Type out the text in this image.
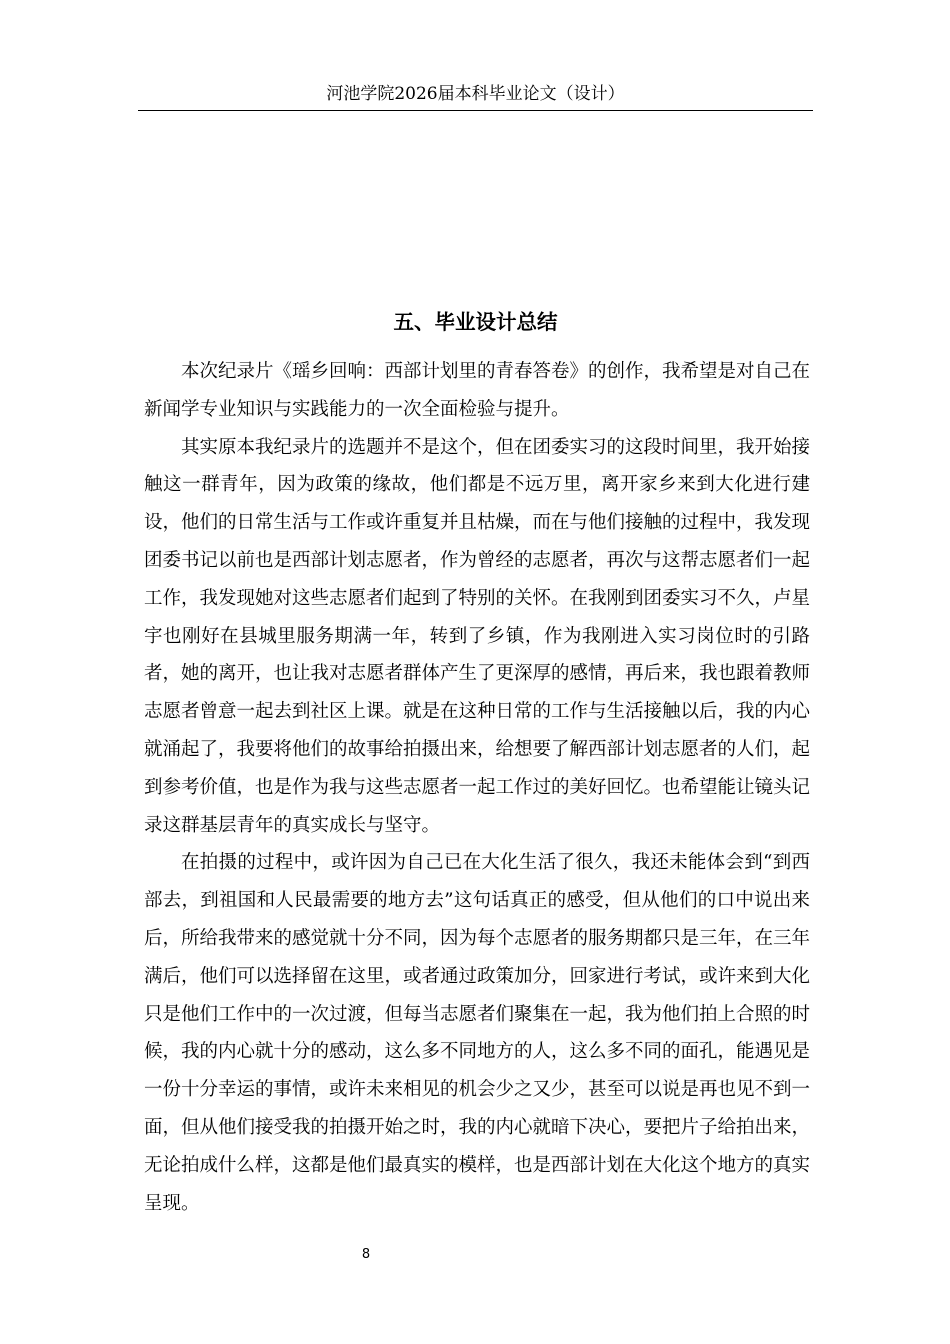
河池学院2026届本科毕业论文（设计）
五、毕业设计总结

本次纪录片《瑶乡回响：西部计划里的青春答卷》的创作，我希望是对自己在新闻学专业知识与实践能力的一次全面检验与提升。

其实原本我纪录片的选题并不是这个，但在团委实习的这段时间里，我开始接触这一群青年，因为政策的缘故，他们都是不远万里，离开家乡来到大化进行建设，他们的日常生活与工作或许重复并且枯燥，而在与他们接触的过程中，我发现团委书记以前也是西部计划志愿者，作为曾经的志愿者，再次与这帮志愿者们一起工作，我发现她对这些志愿者们起到了特别的关怀。在我刚到团委实习不久，卢星宇也刚好在县城里服务期满一年，转到了乡镇，作为我刚进入实习岗位时的引路者，她的离开，也让我对志愿者群体产生了更深厚的感情，再后来，我也跟着教师志愿者曾意一起去到社区上课。就是在这种日常的工作与生活接触以后，我的内心就涌起了，我要将他们的故事给拍摄出来，给想要了解西部计划志愿者的人们，起到参考价值，也是作为我与这些志愿者一起工作过的美好回忆。也希望能让镜头记录这群基层青年的真实成长与坚守。

在拍摄的过程中，或许因为自己已在大化生活了很久，我还未能体会到“到西部去，到祖国和人民最需要的地方去”这句话真正的感受，但从他们的口中说出来后，所给我带来的感觉就十分不同，因为每个志愿者的服务期都只是三年，在三年满后，他们可以选择留在这里，或者通过政策加分，回家进行考试，或许来到大化只是他们工作中的一次过渡，但每当志愿者们聚集在一起，我为他们拍上合照的时候，我的内心就十分的感动，这么多不同地方的人，这么多不同的面孔，能遇见是一份十分幸运的事情，或许未来相见的机会少之又少，甚至可以说是再也见不到一面，但从他们接受我的拍摄开始之时，我的内心就暗下决心，要把片子给拍出来，无论拍成什么样，这都是他们最真实的模样，也是西部计划在大化这个地方的真实呈现。

8
